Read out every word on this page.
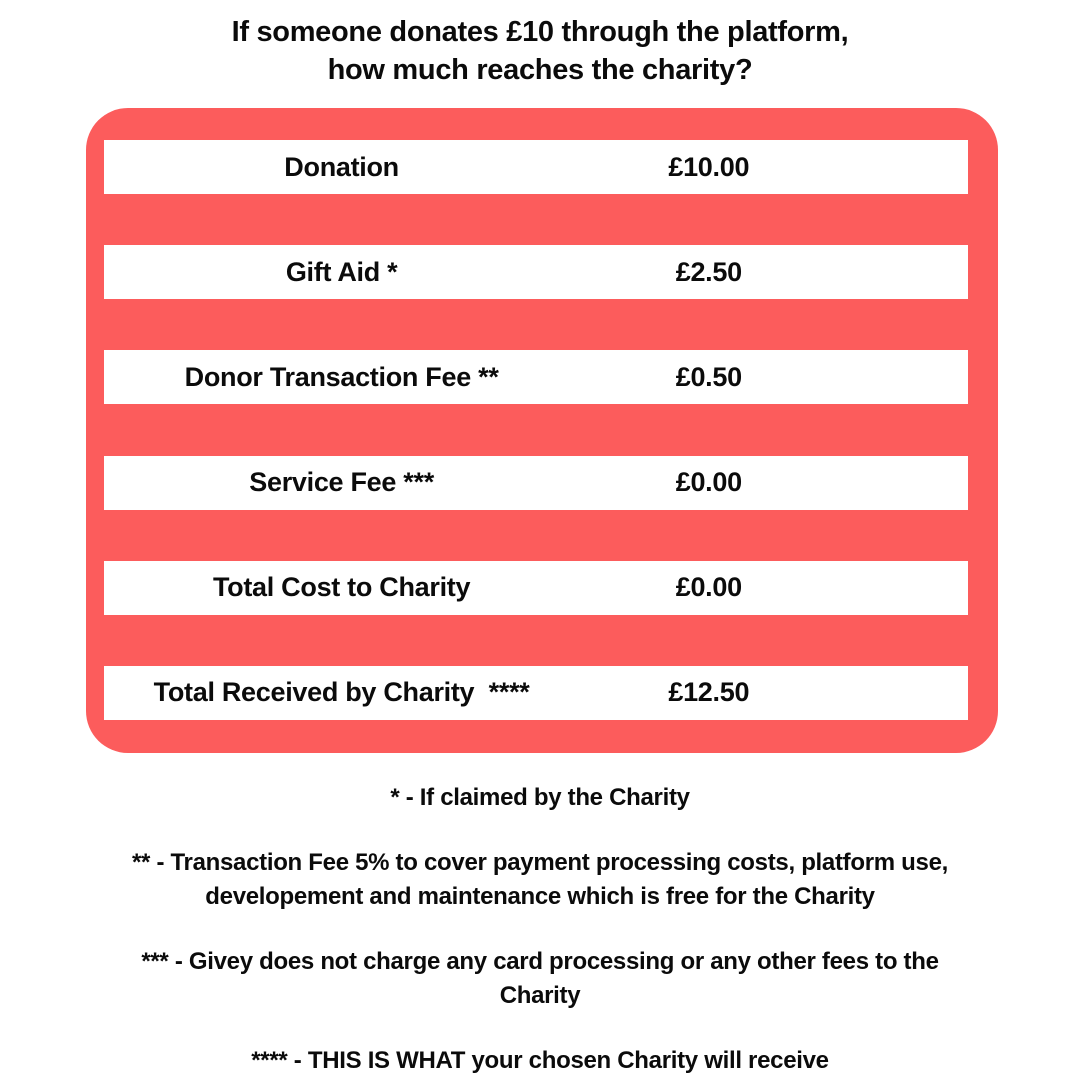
If someone donates £10 through the platform,
how much reaches the charity?
Donation	£10.00
Gift Aid *	£2.50
Donor Transaction Fee **	£0.50
Service Fee ***	£0.00
Total Cost to Charity	£0.00
Total Received by Charity  ****	£12.50
* - If claimed by the Charity
** - Transaction Fee 5% to cover payment processing costs, platform use,
developement and maintenance which is free for the Charity
*** - Givey does not charge any card processing or any other fees to the
Charity
**** - THIS IS WHAT your chosen Charity will receive
